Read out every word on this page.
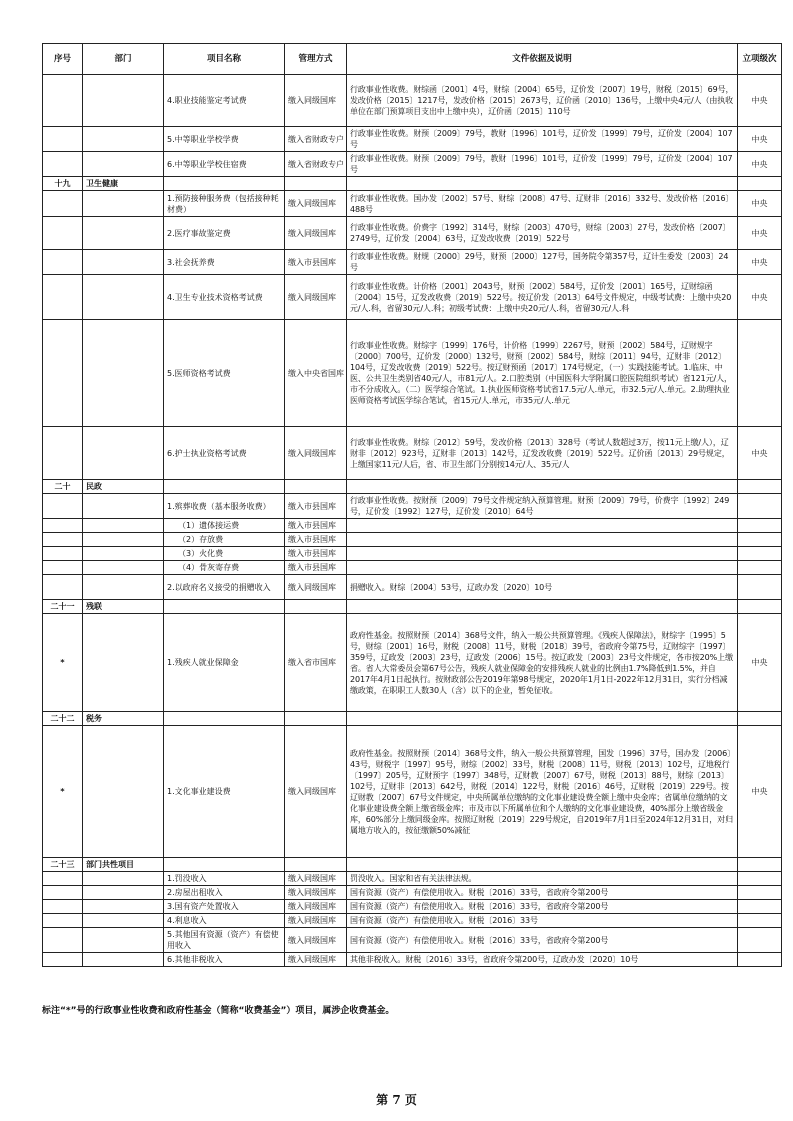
序号	部门	项目名称	管理方式	文件依据及说明	立项级次
		4.职业技能鉴定考试费	缴入同级国库	行政事业性收费。财综函〔2001〕4号，财综〔2004〕65号，辽价发〔2007〕19号，财税〔2015〕69号，发改价格〔2015〕1217号，发改价格〔2015〕2673号，辽价函〔2010〕136号，上缴中央4元/人（由执收单位在部门预算项目支出中上缴中央），辽价函〔2015〕110号	中央
		5.中等职业学校学费	缴入省财政专户	行政事业性收费。财预〔2009〕79号，教财〔1996〕101号，辽价发〔1999〕79号，辽价发〔2004〕107号	中央
		6.中等职业学校住宿费	缴入省财政专户	行政事业性收费。财预〔2009〕79号，教财〔1996〕101号，辽价发〔1999〕79号，辽价发〔2004〕107号	中央
十九	卫生健康				
		1.预防接种服务费（包括接种耗材费）	缴入同级国库	行政事业性收费。国办发〔2002〕57号、财综〔2008〕47号、辽财非〔2016〕332号、发改价格〔2016〕488号	中央
		2.医疗事故鉴定费	缴入同级国库	行政事业性收费。价费字〔1992〕314号，财综〔2003〕470号，财综〔2003〕27号，发改价格〔2007〕2749号，辽价发〔2004〕63号，辽发改收费〔2019〕522号	中央
		3.社会抚养费	缴入市县国库	行政事业性收费。财规〔2000〕29号，财预〔2000〕127号，国务院令第357号，辽计生委发〔2003〕24号	中央
		4.卫生专业技术资格考试费	缴入同级国库	行政事业性收费。计价格〔2001〕2043号，财预〔2002〕584号，辽价发〔2001〕165号，辽财综函〔2004〕15号，辽发改收费〔2019〕522号。按辽价发〔2013〕64号文件规定，中级考试费：上缴中央20元/人.科，省留30元/人.科；初级考试费：上缴中央20元/人.科，省留30元/人.科	中央
		5.医师资格考试费	缴入中央省国库	行政事业性收费。财综字〔1999〕176号，计价格〔1999〕2267号，财预〔2002〕584号，辽财规字〔2000〕700号，辽价发〔2000〕132号，财预〔2002〕584号，财综〔2011〕94号，辽财非〔2012〕104号，辽发改收费〔2019〕522号。按辽财预函〔2017〕174号规定，（一）实践技能考试。1.临床、中医、公共卫生类别省40元/人，市81元/人。2.口腔类别（中国医科大学附属口腔医院组织考试）省121元/人，市不分成收入。（二）医学综合笔试。1.执业医师资格考试省17.5元/人.单元，市32.5元/人.单元。2.助理执业医师资格考试医学综合笔试，省15元/人.单元，市35元/人.单元	
		6.护士执业资格考试费	缴入同级国库	行政事业性收费。财综〔2012〕59号，发改价格〔2013〕328号（考试人数超过3万，按11元上缴/人），辽财非〔2012〕923号，辽财非〔2013〕142号，辽发改收费〔2019〕522号。辽价函〔2013〕29号规定，上缴国家11元/人后，省、市卫生部门分别按14元/人、35元/人	中央
二十	民政				
		1.殡葬收费（基本服务收费）	缴入市县国库	行政事业性收费。按财预〔2009〕79号文件规定纳入预算管理。财预〔2009〕79号，价费字〔1992〕249号，辽价发〔1992〕127号，辽价发〔2010〕64号	
		（1）遗体接运费	缴入市县国库		
		（2）存放费	缴入市县国库		
		（3）火化费	缴入市县国库		
		（4）骨灰寄存费	缴入市县国库		
		2.以政府名义接受的捐赠收入	缴入同级国库	捐赠收入。财综〔2004〕53号，辽政办发〔2020〕10号	
二十一	残联				
*		1.残疾人就业保障金	缴入省市国库	政府性基金。按照财预〔2014〕368号文件，纳入一般公共预算管理。《残疾人保障法》，财综字〔1995〕5号，财综〔2001〕16号，财税〔2008〕11号，财税〔2018〕39号，省政府令第75号，辽财综字〔1997〕359号，辽政发〔2003〕23号，辽政发〔2006〕15号。按辽政发〔2003〕23号文件规定，各市按20%上缴省。省人大常委员会第67号公告，残疾人就业保障金的安排残疾人就业的比例由1.7%降低到1.5%，并自2017年4月1日起执行。按财政部公告2019年第98号规定，2020年1月1日-2022年12月31日，实行分档减缴政策，在职职工人数30人（含）以下的企业，暂免征收。	中央
二十二	税务				
*		1.文化事业建设费	缴入同级国库	政府性基金。按照财预〔2014〕368号文件，纳入一般公共预算管理，国发〔1996〕37号，国办发〔2006〕43号，财税字〔1997〕95号，财综〔2002〕33号，财税〔2008〕11号，财税〔2013〕102号，辽地税行〔1997〕205号，辽财预字〔1997〕348号，辽财教〔2007〕67号，财税〔2013〕88号，财综〔2013〕102号，辽财非〔2013〕642号，财税〔2014〕122号，财税〔2016〕46号，辽财税〔2019〕229号。按辽财教〔2007〕67号文件规定，中央所属单位缴纳的文化事业建设费全额上缴中央金库；省属单位缴纳的文化事业建设费全额上缴省级金库；市及市以下所属单位和个人缴纳的文化事业建设费，40%部分上缴省级金库，60%部分上缴同级金库。按照辽财税〔2019〕229号规定，自2019年7月1日至2024年12月31日，对归属地方收入的，按征缴额50%减征	中央
二十三	部门共性项目				
		1.罚没收入	缴入同级国库	罚没收入。国家和省有关法律法规。	
		2.房屋出租收入	缴入同级国库	国有资源（资产）有偿使用收入。财税〔2016〕33号，省政府令第200号	
		3.国有资产处置收入	缴入同级国库	国有资源（资产）有偿使用收入。财税〔2016〕33号，省政府令第200号	
		4.利息收入	缴入同级国库	国有资源（资产）有偿使用收入。财税〔2016〕33号	
		5.其他国有资源（资产）有偿使用收入	缴入同级国库	国有资源（资产）有偿使用收入。财税〔2016〕33号，省政府令第200号	
		6.其他非税收入	缴入同级国库	其他非税收入。财税〔2016〕33号，省政府令第200号，辽政办发〔2020〕10号	
标注“*”号的行政事业性收费和政府性基金（简称“收费基金”）项目，属涉企收费基金。
第 7 页
